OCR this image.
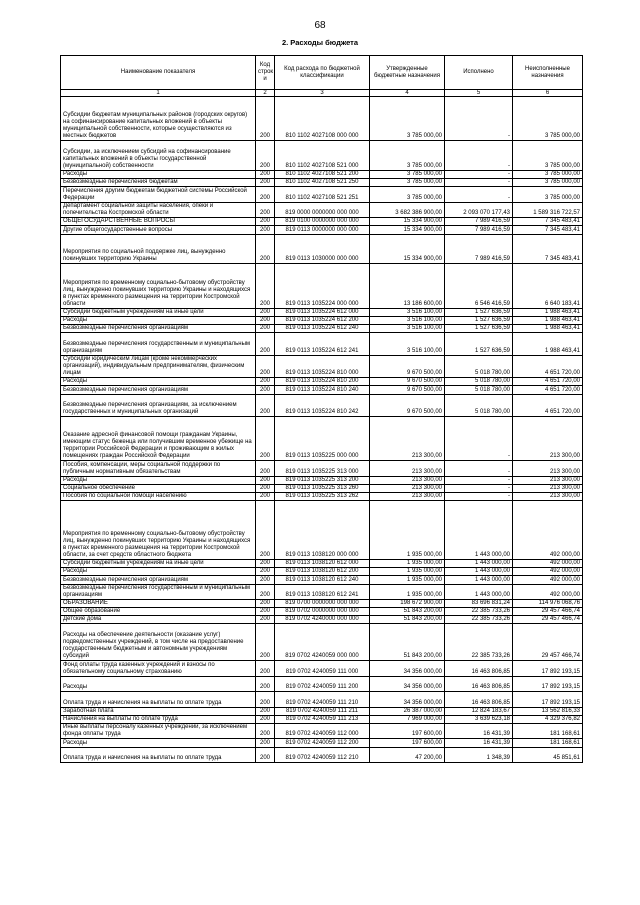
68
2. Расходы бюджета
Наименование показателя	Код строк и	Код расхода по бюджетной классификации	Утвержденные бюджетные назначения	Исполнено	Неисполненные назначения
1	2	3	4	5	6
Субсидии бюджетам муниципальных районов (городских округов) на софинансирование капитальных вложений в объекты муниципальной собственности, которые осуществляются из местных бюджетов	200	810 1102 4027108 000 000	3 785 000,00	-	3 785 000,00
Субсидии, за исключением субсидий на софинансирование капитальных вложений в объекты государственной (муниципальной) собственности	200	810 1102 4027108 521 000	3 785 000,00	-	3 785 000,00
Расходы	200	810 1102 4027108 521 200	3 785 000,00	-	3 785 000,00
Безвозмездные перечисления бюджетам	200	810 1102 4027108 521 250	3 785 000,00	-	3 785 000,00
Перечисления другим бюджетам бюджетной системы Российской Федерации	200	810 1102 4027108 521 251	3 785 000,00	-	3 785 000,00
Департамент социальной защиты населения, опеки и попечительства Костромской области	200	819 0000 0000000 000 000	3 682 386 900,00	2 093 070 177,43	1 589 316 722,57
ОБЩЕГОСУДАРСТВЕННЫЕ ВОПРОСЫ	200	819 0100 0000000 000 000	15 334 900,00	7 989 416,59	7 345 483,41
Другие общегосударственные вопросы	200	819 0113 0000000 000 000	15 334 900,00	7 989 416,59	7 345 483,41
Мероприятия по социальной поддержке лиц, вынужденно покинувших территорию Украины	200	819 0113 1030000 000 000	15 334 900,00	7 989 416,59	7 345 483,41
Мероприятия по временному социально-бытовому обустройству лиц, вынужденно покинувших территорию Украины и находящихся в пунктах временного размещения на территории Костромской области	200	819 0113 1035224 000 000	13 186 600,00	6 546 416,59	6 640 183,41
Субсидии бюджетным учреждениям на иные цели	200	819 0113 1035224 612 000	3 516 100,00	1 527 636,59	1 988 463,41
Расходы	200	819 0113 1035224 612 200	3 516 100,00	1 527 636,59	1 988 463,41
Безвозмездные перечисления организациям	200	819 0113 1035224 612 240	3 516 100,00	1 527 636,59	1 988 463,41
Безвозмездные перечисления государственным и муниципальным организациям	200	819 0113 1035224 612 241	3 516 100,00	1 527 636,59	1 988 463,41
Субсидии юридическим лицам (кроме некоммерческих организаций), индивидуальным предпринимателям, физическим лицам	200	819 0113 1035224 810 000	9 670 500,00	5 018 780,00	4 651 720,00
Расходы	200	819 0113 1035224 810 200	9 670 500,00	5 018 780,00	4 651 720,00
Безвозмездные перечисления организациям	200	819 0113 1035224 810 240	9 670 500,00	5 018 780,00	4 651 720,00
Безвозмездные перечисления организациям, за исключением государственных и муниципальных организаций	200	819 0113 1035224 810 242	9 670 500,00	5 018 780,00	4 651 720,00
Оказание адресной финансовой помощи гражданам Украины, имеющим статус беженца или получившим временное убежище на территории Российской Федерации и проживающим в жилых помещениях граждан Российской Федерации	200	819 0113 1035225 000 000	213 300,00	-	213 300,00
Пособия, компенсации, меры социальной поддержки по публичным нормативным обязательствам	200	819 0113 1035225 313 000	213 300,00	-	213 300,00
Расходы	200	819 0113 1035225 313 200	213 300,00	-	213 300,00
Социальное обеспечение	200	819 0113 1035225 313 260	213 300,00	-	213 300,00
Пособия по социальной помощи населению	200	819 0113 1035225 313 262	213 300,00	-	213 300,00
Мероприятия по временному социально-бытовому обустройству лиц, вынужденно покинувших территорию Украины и находящихся в пунктах временного размещения на территории Костромской области, за счет средств областного бюджета	200	819 0113 1038120 000 000	1 935 000,00	1 443 000,00	492 000,00
Субсидии бюджетным учреждениям на иные цели	200	819 0113 1038120 612 000	1 935 000,00	1 443 000,00	492 000,00
Расходы	200	819 0113 1038120 612 200	1 935 000,00	1 443 000,00	492 000,00
Безвозмездные перечисления организациям	200	819 0113 1038120 612 240	1 935 000,00	1 443 000,00	492 000,00
Безвозмездные перечисления государственным и муниципальным организациям	200	819 0113 1038120 612 241	1 935 000,00	1 443 000,00	492 000,00
ОБРАЗОВАНИЕ	200	819 0700 0000000 000 000	198 672 900,00	83 696 831,24	114 976 068,76
Общее образование	200	819 0702 0000000 000 000	51 843 200,00	22 385 733,26	29 457 466,74
Детские дома	200	819 0702 4240000 000 000	51 843 200,00	22 385 733,26	29 457 466,74
Расходы на обеспечение деятельности (оказание услуг) подведомственных учреждений, в том числе на предоставление государственным бюджетным и автономным учреждениям субсидий	200	819 0702 4240059 000 000	51 843 200,00	22 385 733,26	29 457 466,74
Фонд оплаты труда казенных учреждений и взносы по обязательному социальному страхованию	200	819 0702 4240059 111 000	34 356 000,00	16 463 806,85	17 892 193,15
Расходы	200	819 0702 4240059 111 200	34 356 000,00	16 463 806,85	17 892 193,15
Оплата труда и начисления на выплаты по оплате труда	200	819 0702 4240059 111 210	34 356 000,00	16 463 806,85	17 892 193,15
Заработная плата	200	819 0702 4240059 111 211	26 387 000,00	12 824 183,67	13 562 816,33
Начисления на выплаты по оплате труда	200	819 0702 4240059 111 213	7 969 000,00	3 639 623,18	4 329 376,82
Иные выплаты персоналу казенных учреждений, за исключением фонда оплаты труда	200	819 0702 4240059 112 000	197 600,00	16 431,39	181 168,61
Расходы	200	819 0702 4240059 112 200	197 600,00	16 431,39	181 168,61
Оплата труда и начисления на выплаты по оплате труда	200	819 0702 4240059 112 210	47 200,00	1 348,39	45 851,61
